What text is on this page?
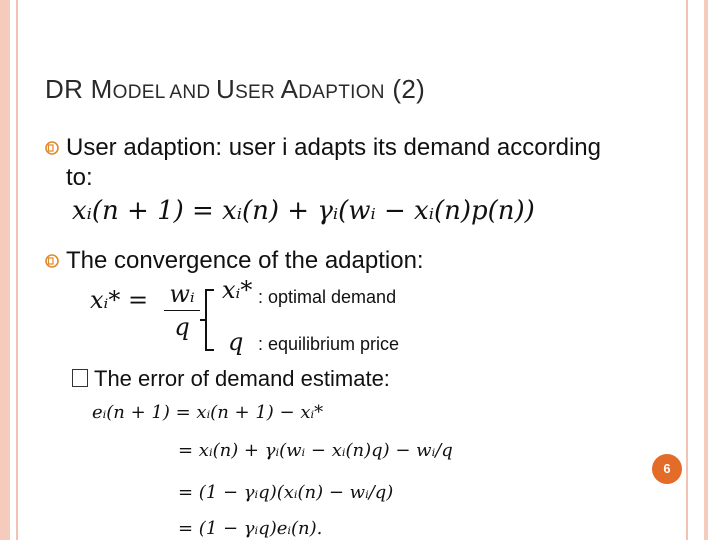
DR MODEL AND USER ADAPTION (2)
User adaption: user i adapts its demand according to:
xᵢ(n + 1) = xᵢ(n) + γᵢ(wᵢ − xᵢ(n)p(n))
The convergence of the adaption:
xᵢ* = wᵢ
q
xᵢ* : optimal demand
q : equilibrium price
The error of demand estimate:
eᵢ(n + 1) = xᵢ(n + 1) − xᵢ*
= xᵢ(n) + γᵢ(wᵢ − xᵢ(n)q) − wᵢ/q
= (1 − γᵢq)(xᵢ(n) − wᵢ/q)
= (1 − γᵢq)eᵢ(n).
6
